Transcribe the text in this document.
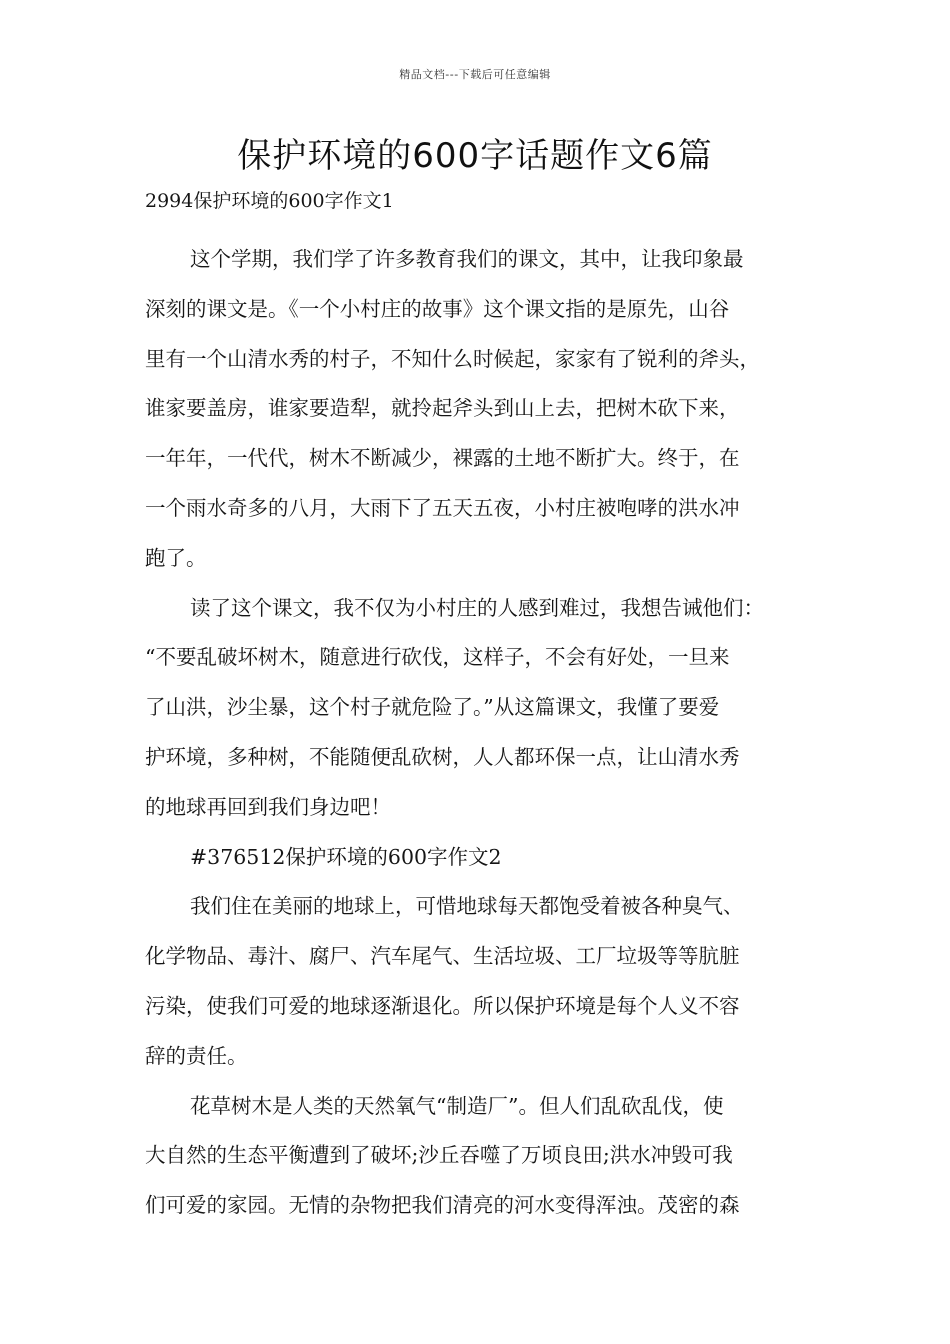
精品文档---下载后可任意编辑
保护环境的600字话题作文6篇
2994保护环境的600字作文1
这个学期，我们学了许多教育我们的课文，其中，让我印象最
深刻的课文是。《一个小村庄的故事》这个课文指的是原先，山谷
里有一个山清水秀的村子，不知什么时候起，家家有了锐利的斧头，
谁家要盖房，谁家要造犁，就拎起斧头到山上去，把树木砍下来，
一年年，一代代，树木不断减少，裸露的土地不断扩大。终于，在
一个雨水奇多的八月，大雨下了五天五夜，小村庄被咆哮的洪水冲
跑了。
读了这个课文，我不仅为小村庄的人感到难过，我想告诫他们：
“不要乱破坏树木，随意进行砍伐，这样子，不会有好处，一旦来
了山洪，沙尘暴，这个村子就危险了。”从这篇课文，我懂了要爱
护环境，多种树，不能随便乱砍树，人人都环保一点，让山清水秀
的地球再回到我们身边吧！
#376512保护环境的600字作文2
我们住在美丽的地球上，可惜地球每天都饱受着被各种臭气、
化学物品、毒汁、腐尸、汽车尾气、生活垃圾、工厂垃圾等等肮脏
污染，使我们可爱的地球逐渐退化。所以保护环境是每个人义不容
辞的责任。
花草树木是人类的天然氧气“制造厂”。但人们乱砍乱伐，使
大自然的生态平衡遭到了破坏;沙丘吞噬了万顷良田;洪水冲毁可我
们可爱的家园。无情的杂物把我们清亮的河水变得浑浊。茂密的森
